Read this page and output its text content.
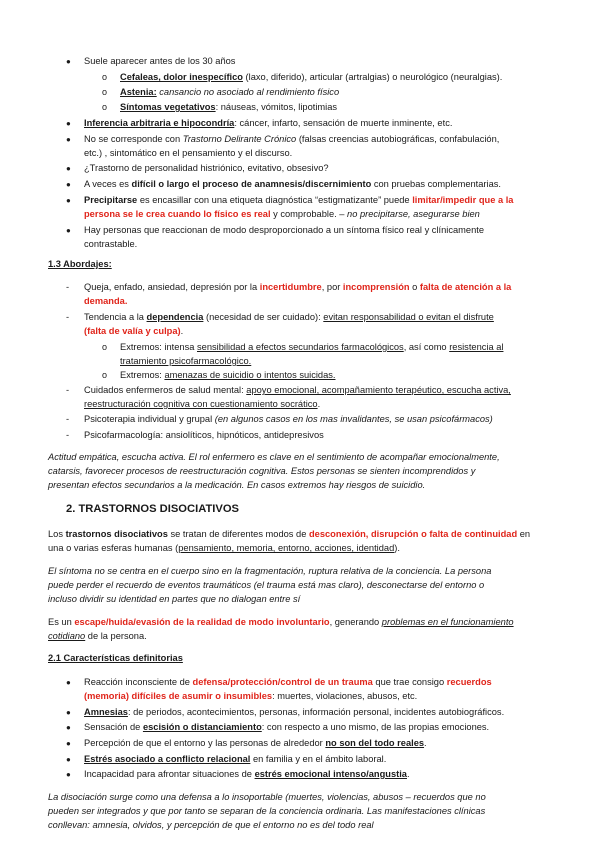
● Suele aparecer antes de los 30 años
o Cefaleas, dolor inespecífico (laxo, diferido), articular (artralgias) o neurológico (neuralgias).
o Astenia: cansancio no asociado al rendimiento físico
o Síntomas vegetativos: náuseas, vómitos, lipotimias
● Inferencia arbitraria e hipocondría: cáncer, infarto, sensación de muerte inminente, etc.
● No se corresponde con Trastorno Delirante Crónico (falsas creencias autobiográficas, confabulación,
etc.) , sintomático en el pensamiento y el discurso.
● ¿Trastorno de personalidad histriónico, evitativo, obsesivo?
● A veces es difícil o largo el proceso de anamnesis/discernimiento con pruebas complementarias.
● Precipitarse es encasillar con una etiqueta diagnóstica “estigmatizante” puede limitar/impedir que a la
persona se le crea cuando lo físico es real y comprobable. – no precipitarse, asegurarse bien
● Hay personas que reaccionan de modo desproporcionado a un síntoma físico real y clínicamente
contrastable.
1.3 Abordajes:
- Queja, enfado, ansiedad, depresión por la incertidumbre, por incomprensión o falta de atención a la
demanda.
- Tendencia a la dependencia (necesidad de ser cuidado): evitan responsabilidad o evitan el disfrute
(falta de valía y culpa).
o Extremos: intensa sensibilidad a efectos secundarios farmacológicos, así como resistencia al
tratamiento psicofarmacológico.
o Extremos: amenazas de suicidio o intentos suicidas.
- Cuidados enfermeros de salud mental: apoyo emocional, acompañamiento terapéutico, escucha activa,
reestructuración cognitiva con cuestionamiento socrático.
- Psicoterapia individual y grupal (en algunos casos en los mas invalidantes, se usan psicofármacos)
- Psicofarmacología: ansiolíticos, hipnóticos, antidepresivos
Actitud empática, escucha activa. El rol enfermero es clave en el sentimiento de acompañar emocionalmente,
catarsis, favorecer procesos de reestructuración cognitiva. Estos personas se sienten incomprendidos y
presentan efectos secundarios a la medicación. En casos extremos hay riesgos de suicidio.
2. TRASTORNOS DISOCIATIVOS
Los trastornos disociativos se tratan de diferentes modos de desconexión, disrupción o falta de continuidad en
una o varias esferas humanas (pensamiento, memoria, entorno, acciones, identidad).
El síntoma no se centra en el cuerpo sino en la fragmentación, ruptura relativa de la conciencia. La persona
puede perder el recuerdo de eventos traumáticos (el trauma está mas claro), desconectarse del entorno o
incluso dividir su identidad en partes que no dialogan entre sí
Es un escape/huida/evasión de la realidad de modo involuntario, generando problemas en el funcionamiento
cotidiano de la persona.
2.1 Características definitorias
● Reacción inconsciente de defensa/protección/control de un trauma que trae consigo recuerdos
(memoria) difíciles de asumir o insumibles: muertes, violaciones, abusos, etc.
● Amnesias: de periodos, acontecimientos, personas, información personal, incidentes autobiográficos.
● Sensación de escisión o distanciamiento: con respecto a uno mismo, de las propias emociones.
● Percepción de que el entorno y las personas de alrededor no son del todo reales.
● Estrés asociado a conflicto relacional en familia y en el ámbito laboral.
● Incapacidad para afrontar situaciones de estrés emocional intenso/angustia.
La disociación surge como una defensa a lo insoportable (muertes, violencias, abusos – recuerdos que no
pueden ser integrados y que por tanto se separan de la conciencia ordinaria. Las manifestaciones clínicas
conllevan: amnesia, olvidos, y percepción de que el entorno no es del todo real
